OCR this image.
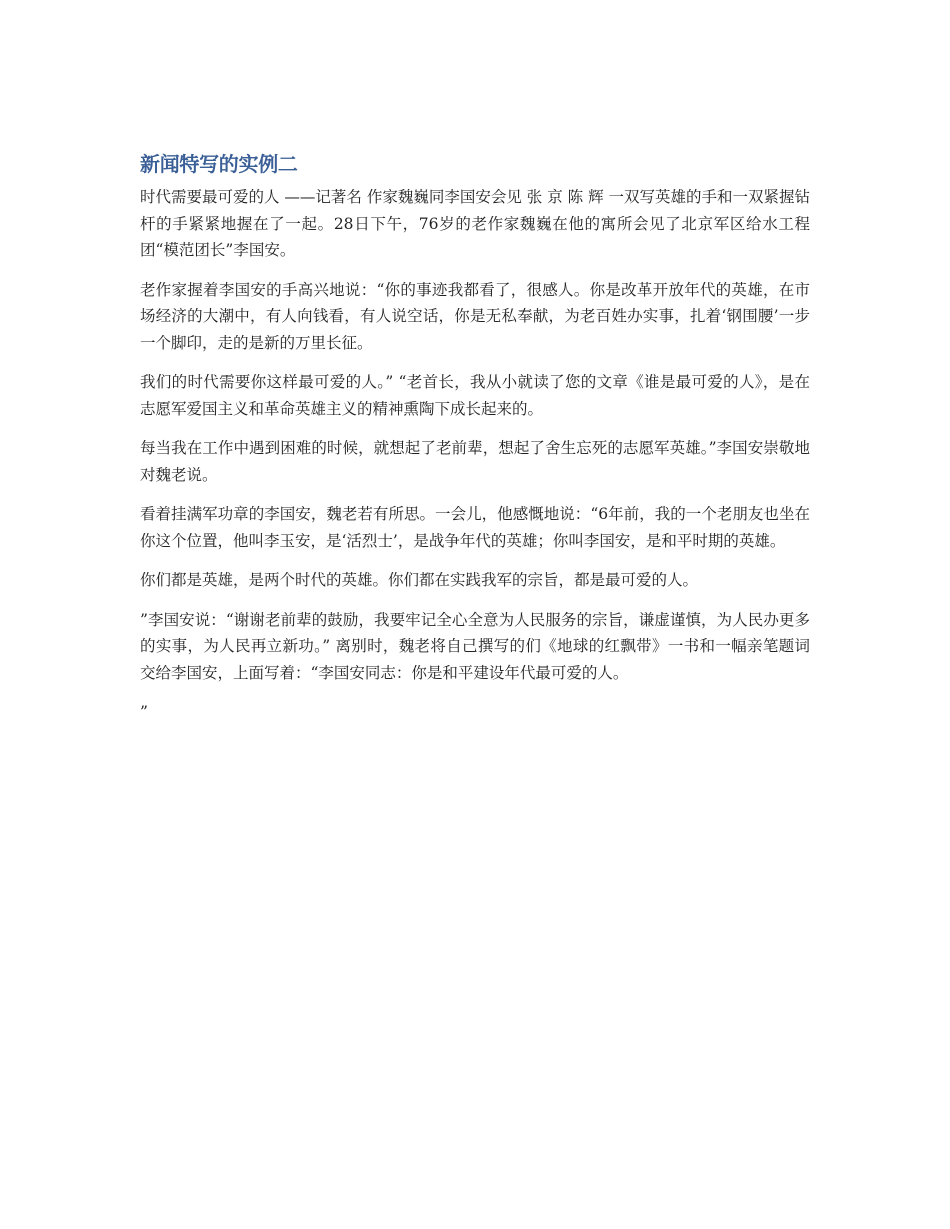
新闻特写的实例二

时代需要最可爱的人 ——记著名 作家魏巍同李国安会见 张 京 陈 辉 一双写英雄的手和一双紧握钻杆的手紧紧地握在了一起。28日下午，76岁的老作家魏巍在他的寓所会见了北京军区给水工程团“模范团长”李国安。

老作家握着李国安的手高兴地说：“你的事迹我都看了，很感人。你是改革开放年代的英雄，在市场经济的大潮中，有人向钱看，有人说空话，你是无私奉献，为老百姓办实事，扎着‘钢围腰’一步一个脚印，走的是新的万里长征。

我们的时代需要你这样最可爱的人。” “老首长，我从小就读了您的文章《谁是最可爱的人》，是在志愿军爱国主义和革命英雄主义的精神熏陶下成长起来的。

每当我在工作中遇到困难的时候，就想起了老前辈，想起了舍生忘死的志愿军英雄。”李国安崇敬地对魏老说。

看着挂满军功章的李国安，魏老若有所思。一会儿，他感慨地说：“6年前，我的一个老朋友也坐在你这个位置，他叫李玉安，是‘活烈士’，是战争年代的英雄；你叫李国安，是和平时期的英雄。

你们都是英雄，是两个时代的英雄。你们都在实践我军的宗旨，都是最可爱的人。

”李国安说：“谢谢老前辈的鼓励，我要牢记全心全意为人民服务的宗旨，谦虚谨慎，为人民办更多的实事，为人民再立新功。” 离别时，魏老将自己撰写的们《地球的红飘带》一书和一幅亲笔题词交给李国安，上面写着：“李国安同志：你是和平建设年代最可爱的人。

”
